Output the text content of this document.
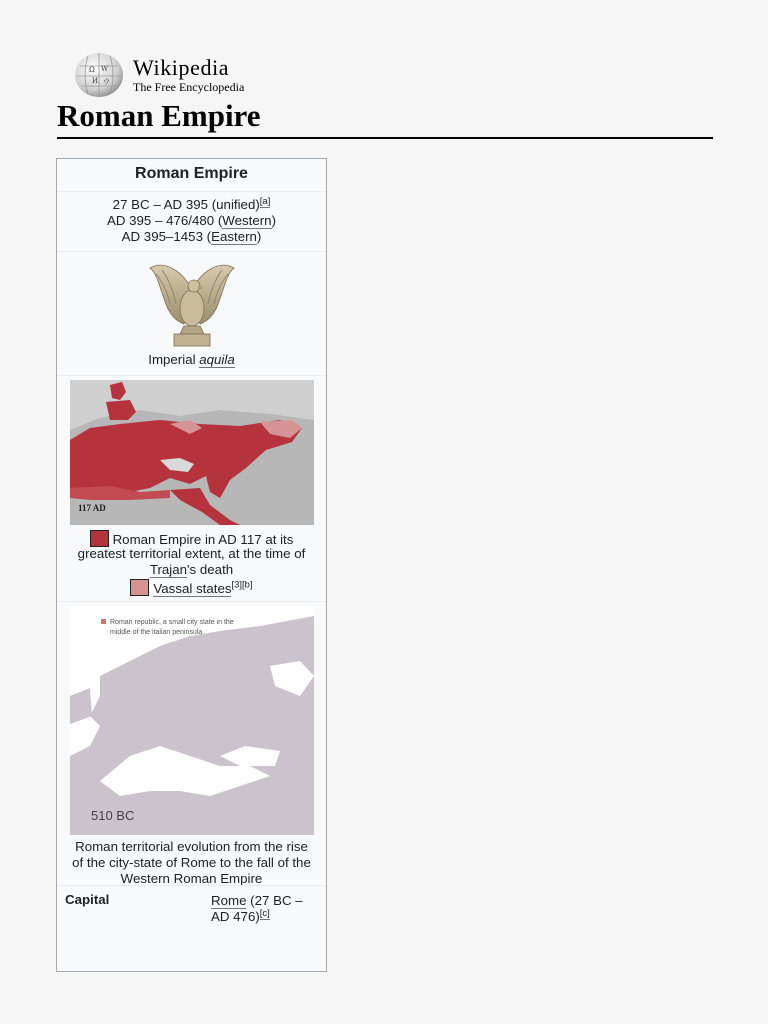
Ω W
И ウ
Wikipedia
The Free Encyclopedia
Roman Empire
Roman Empire
27 BC – AD 395 (unified)[a]
AD 395 – 476/480 (Western)
AD 395–1453 (Eastern)
Imperial aquila
117 AD
Roman Empire in AD 117 at its
greatest territorial extent, at the time of
Trajan's death
Vassal states[3][b]
Roman republic, a small city state in the
middle of the italian peninsula
510 BC
Roman territorial evolution from the rise
of the city-state of Rome to the fall of the
Western Roman Empire
Capital	Rome (27 BC –
AD 476)[c]
